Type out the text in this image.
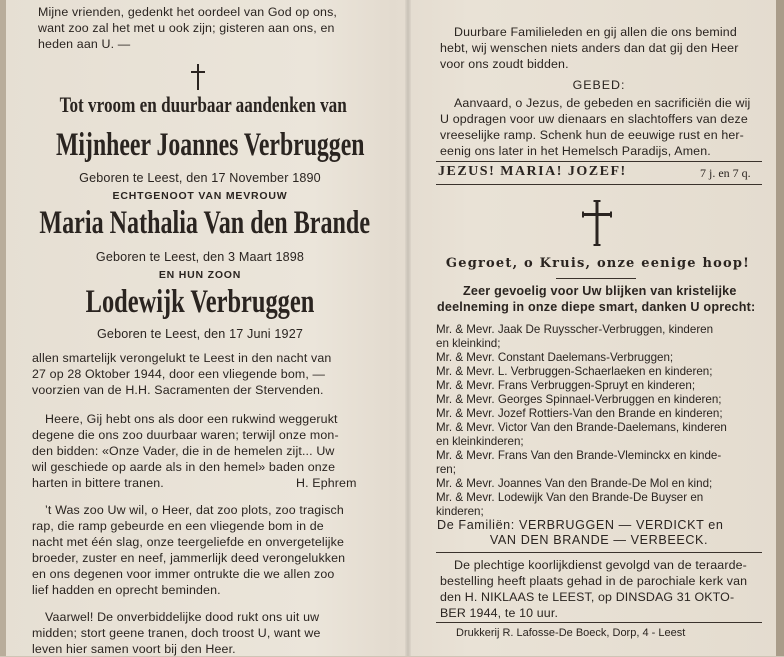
Mijne vrienden, gedenkt het oordeel van God op ons,
want zoo zal het met u ook zijn; gisteren aan ons, en
heden aan U. —
Tot vroom en duurbaar aandenken van
Mijnheer Joannes Verbruggen
Geboren te Leest, den 17 November 1890
ECHTGENOOT VAN MEVROUW
Maria Nathalia Van den Brande
Geboren te Leest, den 3 Maart 1898
EN HUN ZOON
Lodewijk Verbruggen
Geboren te Leest, den 17 Juni 1927
allen smartelijk verongelukt te Leest in den nacht van
27 op 28 Oktober 1944, door een vliegende bom, —
voorzien van de H.H. Sacramenten der Stervenden.
Heere, Gij hebt ons als door een rukwind weggerukt
degene die ons zoo duurbaar waren; terwijl onze mon-
den bidden: «Onze Vader, die in de hemelen zijt... Uw
wil geschiede op aarde als in den hemel» baden onze
harten in bittere tranen.	H. Ephrem
’t Was zoo Uw wil, o Heer, dat zoo plots, zoo tragisch
rap, die ramp gebeurde en een vliegende bom in de
nacht met één slag, onze teergeliefde en onvergetelijke
broeder, zuster en neef, jammerlijk deed verongelukken
en ons degenen voor immer ontrukte die we allen zoo
lief hadden en oprecht beminden.
Vaarwel! De onverbiddelijke dood rukt ons uit uw
midden; stort geene tranen, doch troost U, want we
leven hier samen voort bij den Heer.
Duurbare Familieleden en gij allen die ons bemind
hebt, wij wenschen niets anders dan dat gij den Heer
voor ons zoudt bidden.
GEBED:
Aanvaard, o Jezus, de gebeden en sacrificiën die wij
U opdragen voor uw dienaars en slachtoffers van deze
vreeselijke ramp. Schenk hun de eeuwige rust en her-
eenig ons later in het Hemelsch Paradijs, Amen.
JEZUS! MARIA! JOZEF!	7 j. en 7 q.
Gegroet, o Kruis, onze eenige hoop!
Zeer gevoelig voor Uw blijken van kristelijke
deelneming in onze diepe smart, danken U oprecht:
Mr. & Mevr. Jaak De Ruysscher-Verbruggen, kinderen
en kleinkind;
Mr. & Mevr. Constant Daelemans-Verbruggen;
Mr. & Mevr. L. Verbruggen-Schaerlaeken en kinderen;
Mr. & Mevr. Frans Verbruggen-Spruyt en kinderen;
Mr. & Mevr. Georges Spinnael-Verbruggen en kinderen;
Mr. & Mevr. Jozef Rottiers-Van den Brande en kinderen;
Mr. & Mevr. Victor Van den Brande-Daelemans, kinderen
en kleinkinderen;
Mr. & Mevr. Frans Van den Brande-Vleminckx en kinde-
ren;
Mr. & Mevr. Joannes Van den Brande-De Mol en kind;
Mr. & Mevr. Lodewijk Van den Brande-De Buyser en
kinderen;
De Familiën: VERBRUGGEN — VERDICKT en
VAN DEN BRANDE — VERBEECK.
De plechtige koorlijkdienst gevolgd van de teraarde-
bestelling heeft plaats gehad in de parochiale kerk van
den H. NIKLAAS te LEEST, op DINSDAG 31 OKTO-
BER 1944, te 10 uur.
Drukkerij R. Lafosse-De Boeck, Dorp, 4 - Leest
